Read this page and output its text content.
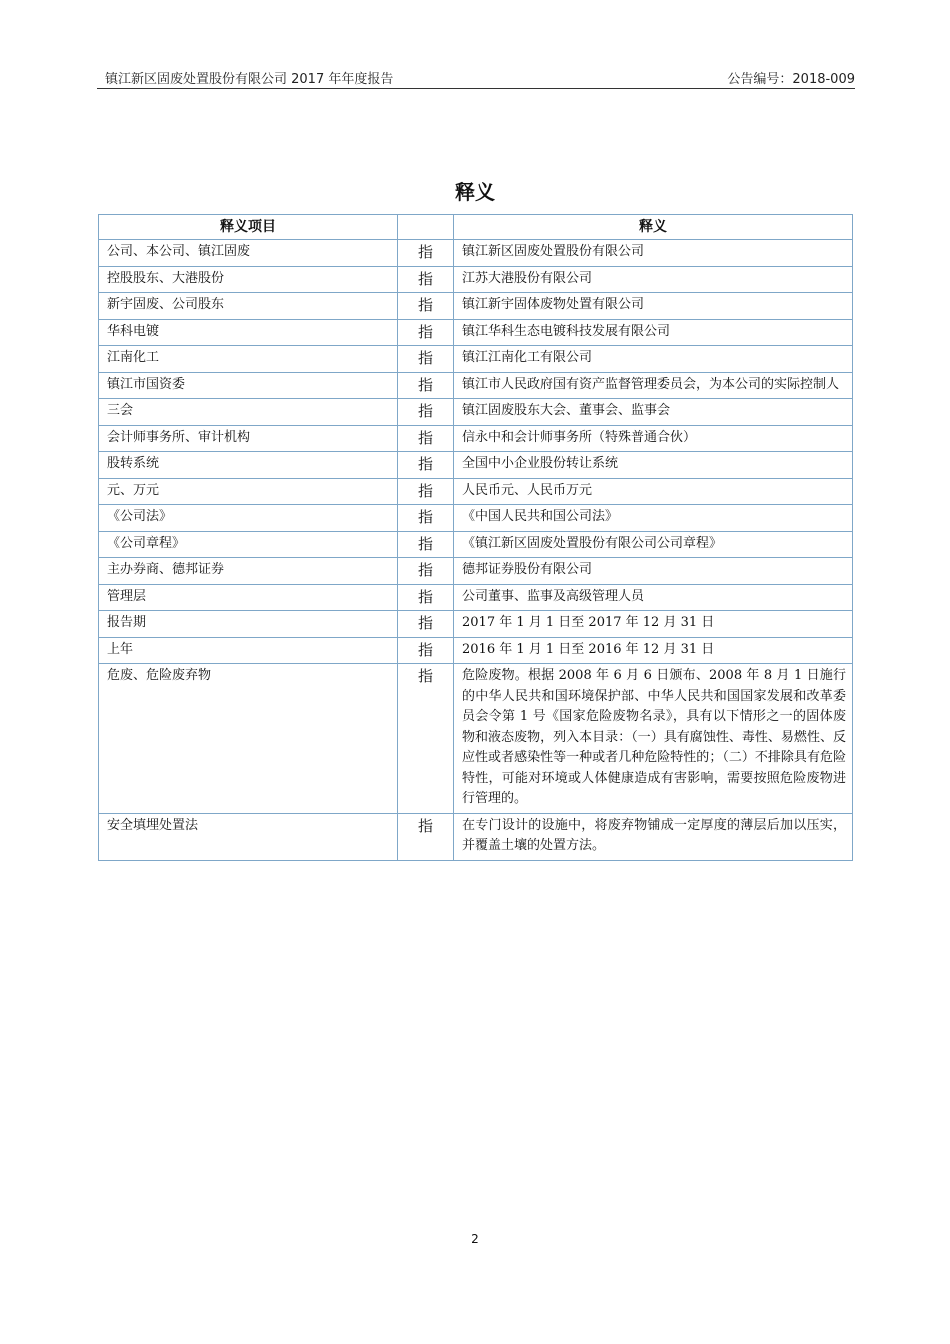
镇江新区固废处置股份有限公司 2017 年年度报告	公告编号：2018-009
释义
释义项目		释义
公司、本公司、镇江固废	指	镇江新区固废处置股份有限公司
控股股东、大港股份	指	江苏大港股份有限公司
新宇固废、公司股东	指	镇江新宇固体废物处置有限公司
华科电镀	指	镇江华科生态电镀科技发展有限公司
江南化工	指	镇江江南化工有限公司
镇江市国资委	指	镇江市人民政府国有资产监督管理委员会，为本公司的实际控制人
三会	指	镇江固废股东大会、董事会、监事会
会计师事务所、审计机构	指	信永中和会计师事务所（特殊普通合伙）
股转系统	指	全国中小企业股份转让系统
元、万元	指	人民币元、人民币万元
《公司法》	指	《中国人民共和国公司法》
《公司章程》	指	《镇江新区固废处置股份有限公司公司章程》
主办券商、德邦证券	指	德邦证券股份有限公司
管理层	指	公司董事、监事及高级管理人员
报告期	指	2017 年 1 月 1 日至 2017 年 12 月 31 日
上年	指	2016 年 1 月 1 日至 2016 年 12 月 31 日
危废、危险废弃物	指	危险废物。根据 2008 年 6 月 6 日颁布、2008 年 8 月 1 日施行的中华人民共和国环境保护部、中华人民共和国国家发展和改革委员会令第 1 号《国家危险废物名录》，具有以下情形之一的固体废物和液态废物，列入本目录：（一）具有腐蚀性、毒性、易燃性、反应性或者感染性等一种或者几种危险特性的；（二）不排除具有危险特性，可能对环境或人体健康造成有害影响，需要按照危险废物进行管理的。
安全填埋处置法	指	在专门设计的设施中，将废弃物铺成一定厚度的薄层后加以压实，并覆盖土壤的处置方法。
2
